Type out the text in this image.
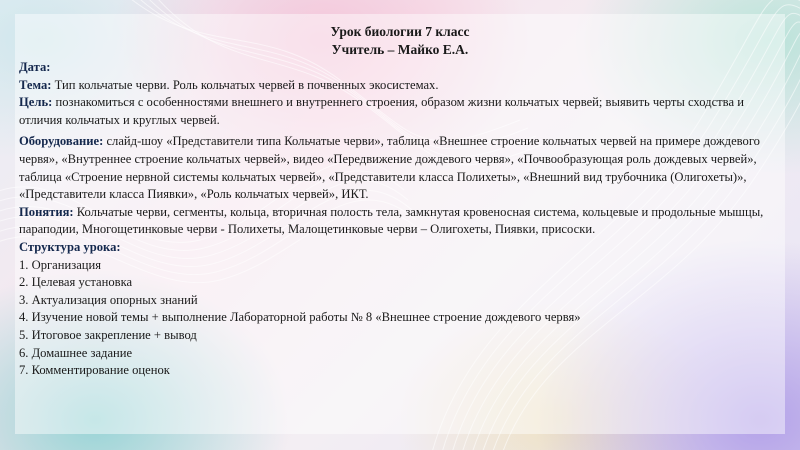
Урок биологии 7 класс
Учитель – Майко Е.А.

Дата:

Тема: Тип кольчатые черви. Роль кольчатых червей в почвенных экосистемах.

Цель: познакомиться с особенностями внешнего и внутреннего строения, образом жизни кольчатых червей; выявить черты сходства и отличия кольчатых и круглых червей.

Оборудование: слайд-шоу «Представители типа Кольчатые черви», таблица «Внешнее строение кольчатых червей на примере дождевого червя», «Внутреннее строение кольчатых червей», видео «Передвижение дождевого червя», «Почвообразующая роль дождевых червей», таблица «Строение нервной системы кольчатых червей», «Представители класса Полихеты», «Внешний вид трубочника (Олигохеты)», «Представители класса Пиявки», «Роль кольчатых червей», ИКТ.

Понятия: Кольчатые черви, сегменты, кольца, вторичная полость тела, замкнутая кровеносная система, кольцевые и продольные мышцы, параподии, Многощетинковые черви - Полихеты, Малощетинковые черви – Олигохеты, Пиявки, присоски.

Структура урока:

1. Организация

2. Целевая установка

3. Актуализация опорных знаний

4. Изучение новой темы + выполнение Лабораторной работы № 8 «Внешнее строение дождевого червя»

5. Итоговое закрепление + вывод

6. Домашнее задание

7. Комментирование оценок
